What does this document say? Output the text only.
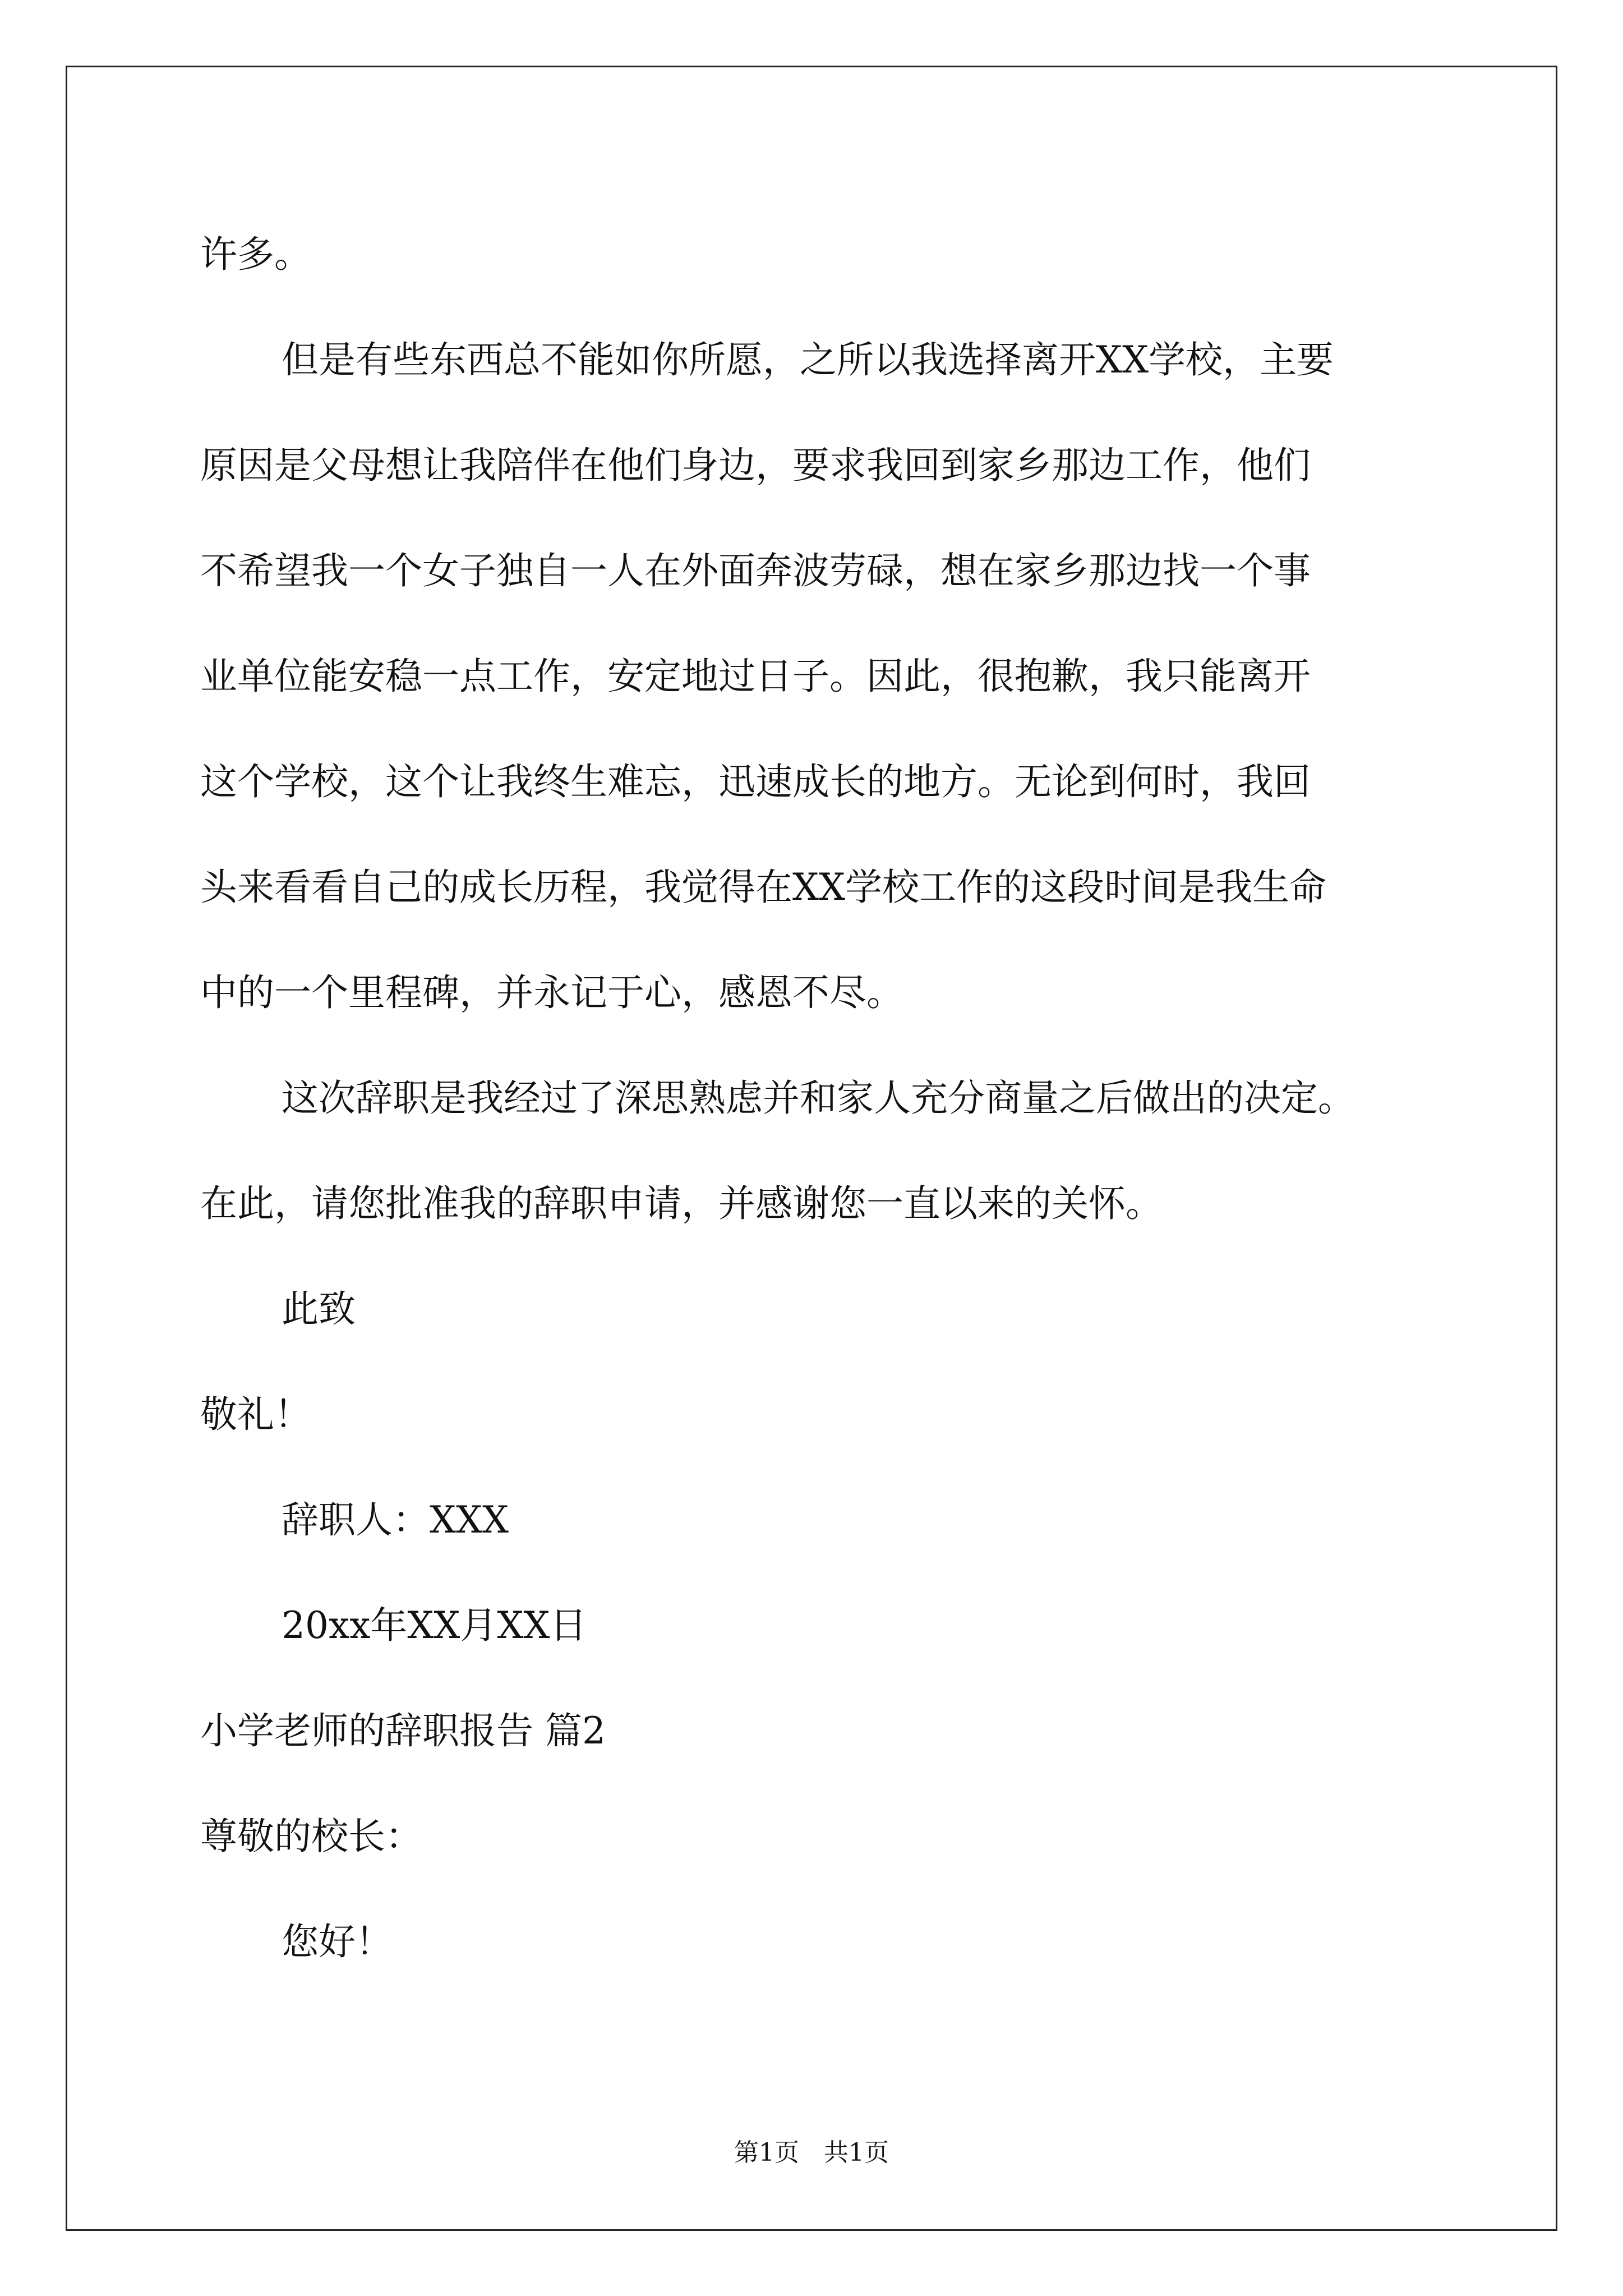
许多。

但是有些东西总不能如你所愿，之所以我选择离开XX学校，主要
原因是父母想让我陪伴在他们身边，要求我回到家乡那边工作，他们
不希望我一个女子独自一人在外面奔波劳碌，想在家乡那边找一个事
业单位能安稳一点工作，安定地过日子。因此，很抱歉，我只能离开
这个学校，这个让我终生难忘，迅速成长的地方。无论到何时，我回
头来看看自己的成长历程，我觉得在XX学校工作的这段时间是我生命
中的一个里程碑，并永记于心，感恩不尽。

这次辞职是我经过了深思熟虑并和家人充分商量之后做出的决定。
在此，请您批准我的辞职申请，并感谢您一直以来的关怀。

此致

敬礼！

辞职人：XXX

20xx年XX月XX日

小学老师的辞职报告 篇2

尊敬的校长：

您好！

第1页　共1页
